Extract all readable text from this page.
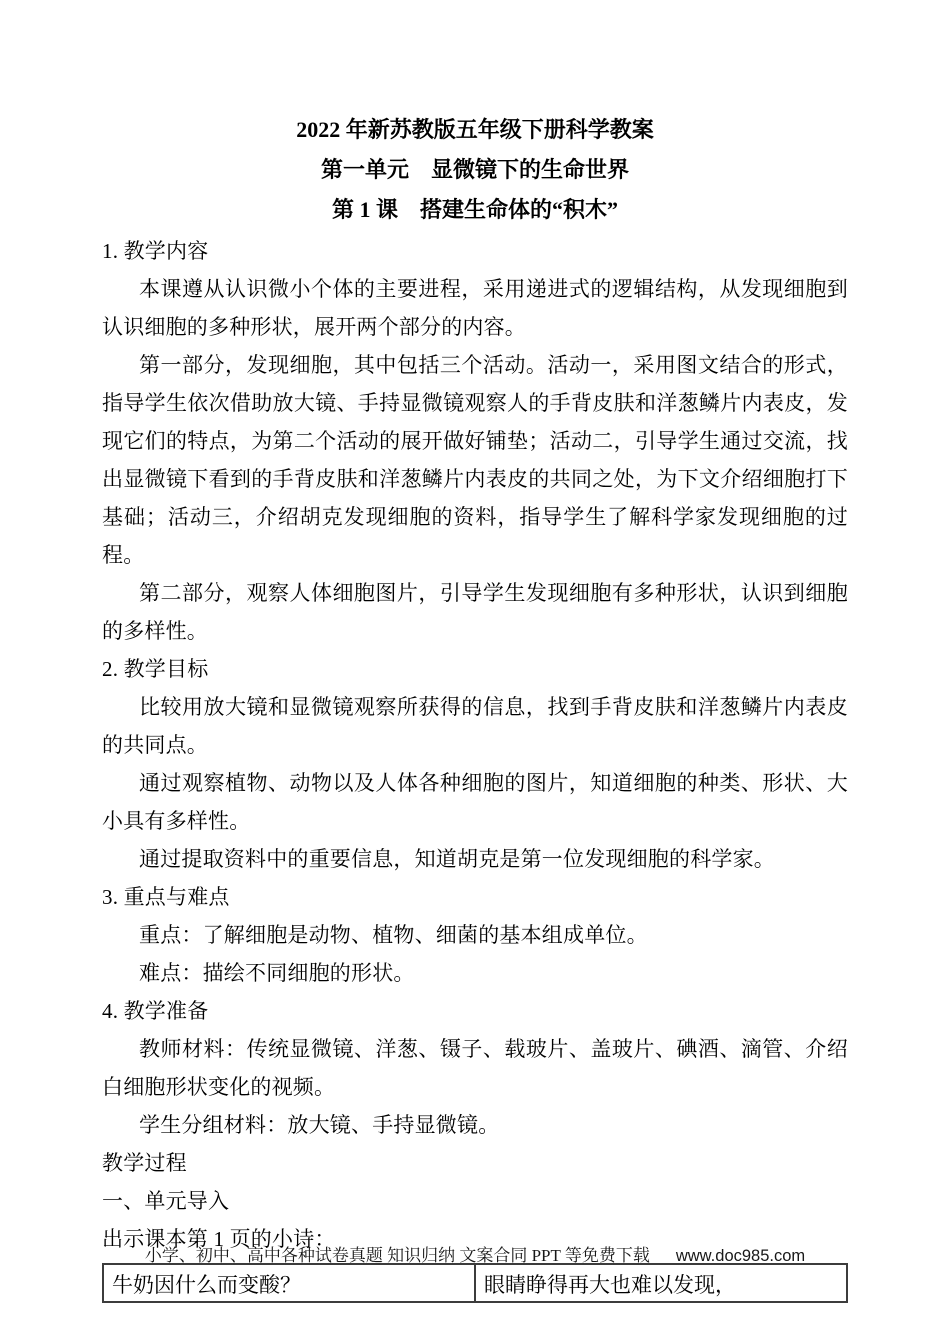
2022 年新苏教版五年级下册科学教案
第一单元　显微镜下的生命世界
第 1 课　搭建生命体的“积木”
1. 教学内容
本课遵从认识微小个体的主要进程，采用递进式的逻辑结构，从发现细胞到认识细胞的多种形状，展开两个部分的内容。
第一部分，发现细胞，其中包括三个活动。活动一，采用图文结合的形式，指导学生依次借助放大镜、手持显微镜观察人的手背皮肤和洋葱鳞片内表皮，发现它们的特点，为第二个活动的展开做好铺垫；活动二，引导学生通过交流，找出显微镜下看到的手背皮肤和洋葱鳞片内表皮的共同之处，为下文介绍细胞打下基础；活动三，介绍胡克发现细胞的资料，指导学生了解科学家发现细胞的过程。
第二部分，观察人体细胞图片，引导学生发现细胞有多种形状，认识到细胞的多样性。
2. 教学目标
比较用放大镜和显微镜观察所获得的信息，找到手背皮肤和洋葱鳞片内表皮的共同点。
通过观察植物、动物以及人体各种细胞的图片，知道细胞的种类、形状、大小具有多样性。
通过提取资料中的重要信息，知道胡克是第一位发现细胞的科学家。
3. 重点与难点
重点：了解细胞是动物、植物、细菌的基本组成单位。
难点：描绘不同细胞的形状。
4. 教学准备
教师材料：传统显微镜、洋葱、镊子、载玻片、盖玻片、碘酒、滴管、介绍白细胞形状变化的视频。
学生分组材料：放大镜、手持显微镜。
教学过程
一、单元导入
出示课本第 1 页的小诗：
牛奶因什么而变酸？	眼睛睁得再大也难以发现，
小学、初中、高中各种试卷真题 知识归纳 文案合同 PPT 等免费下载 www.doc985.com
